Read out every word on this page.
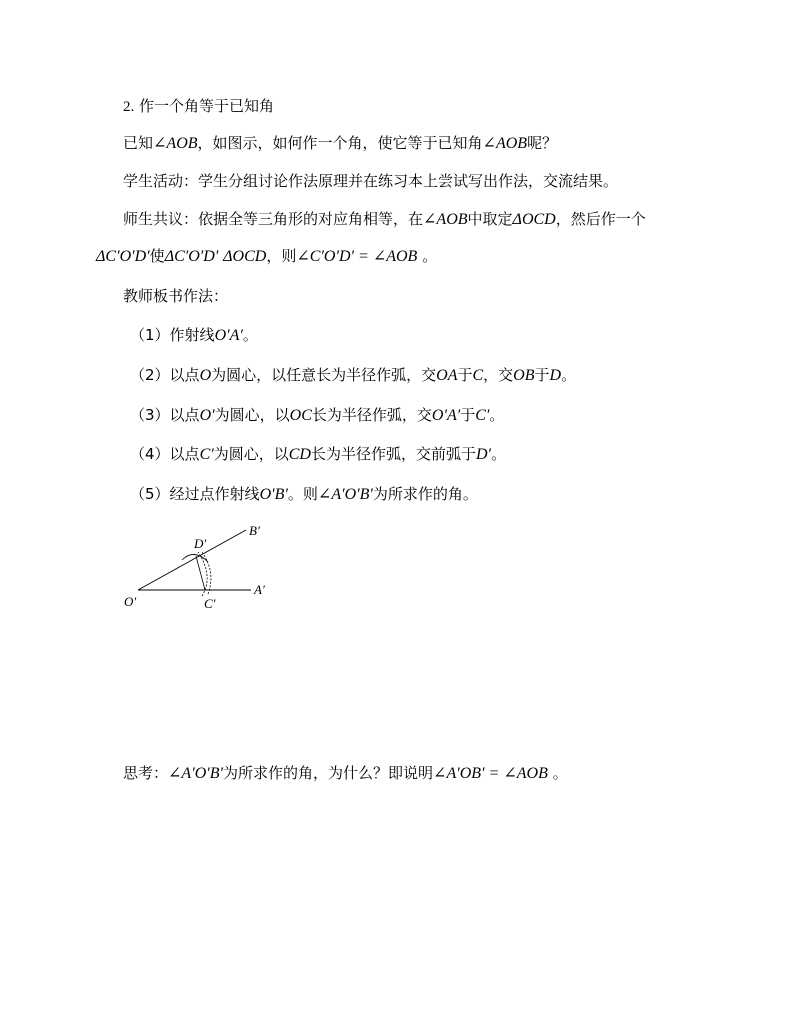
2. 作一个角等于已知角
已知∠AOB，如图示，如何作一个角，使它等于已知角∠AOB呢？
学生活动：学生分组讨论作法原理并在练习本上尝试写出作法，交流结果。
师生共议：依据全等三角形的对应角相等，在∠AOB中取定ΔOCD，然后作一个
ΔC′O′D′使ΔC′O′D′ ΔOCD，则∠C′O′D′ = ∠AOB 。
教师板书作法：
（1）作射线O′A′。
（2）以点O为圆心，以任意长为半径作弧，交OA于C，交OB于D。
（3）以点O′为圆心，以OC长为半径作弧，交O′A′于C′。
（4）以点C′为圆心，以CD长为半径作弧，交前弧于D′。
（5）经过点作射线O′B′。则∠A′O′B′为所求作的角。
O′
A′
B′
C′
D′
思考：∠A′O′B′为所求作的角，为什么？即说明∠A′OB′ = ∠AOB 。
